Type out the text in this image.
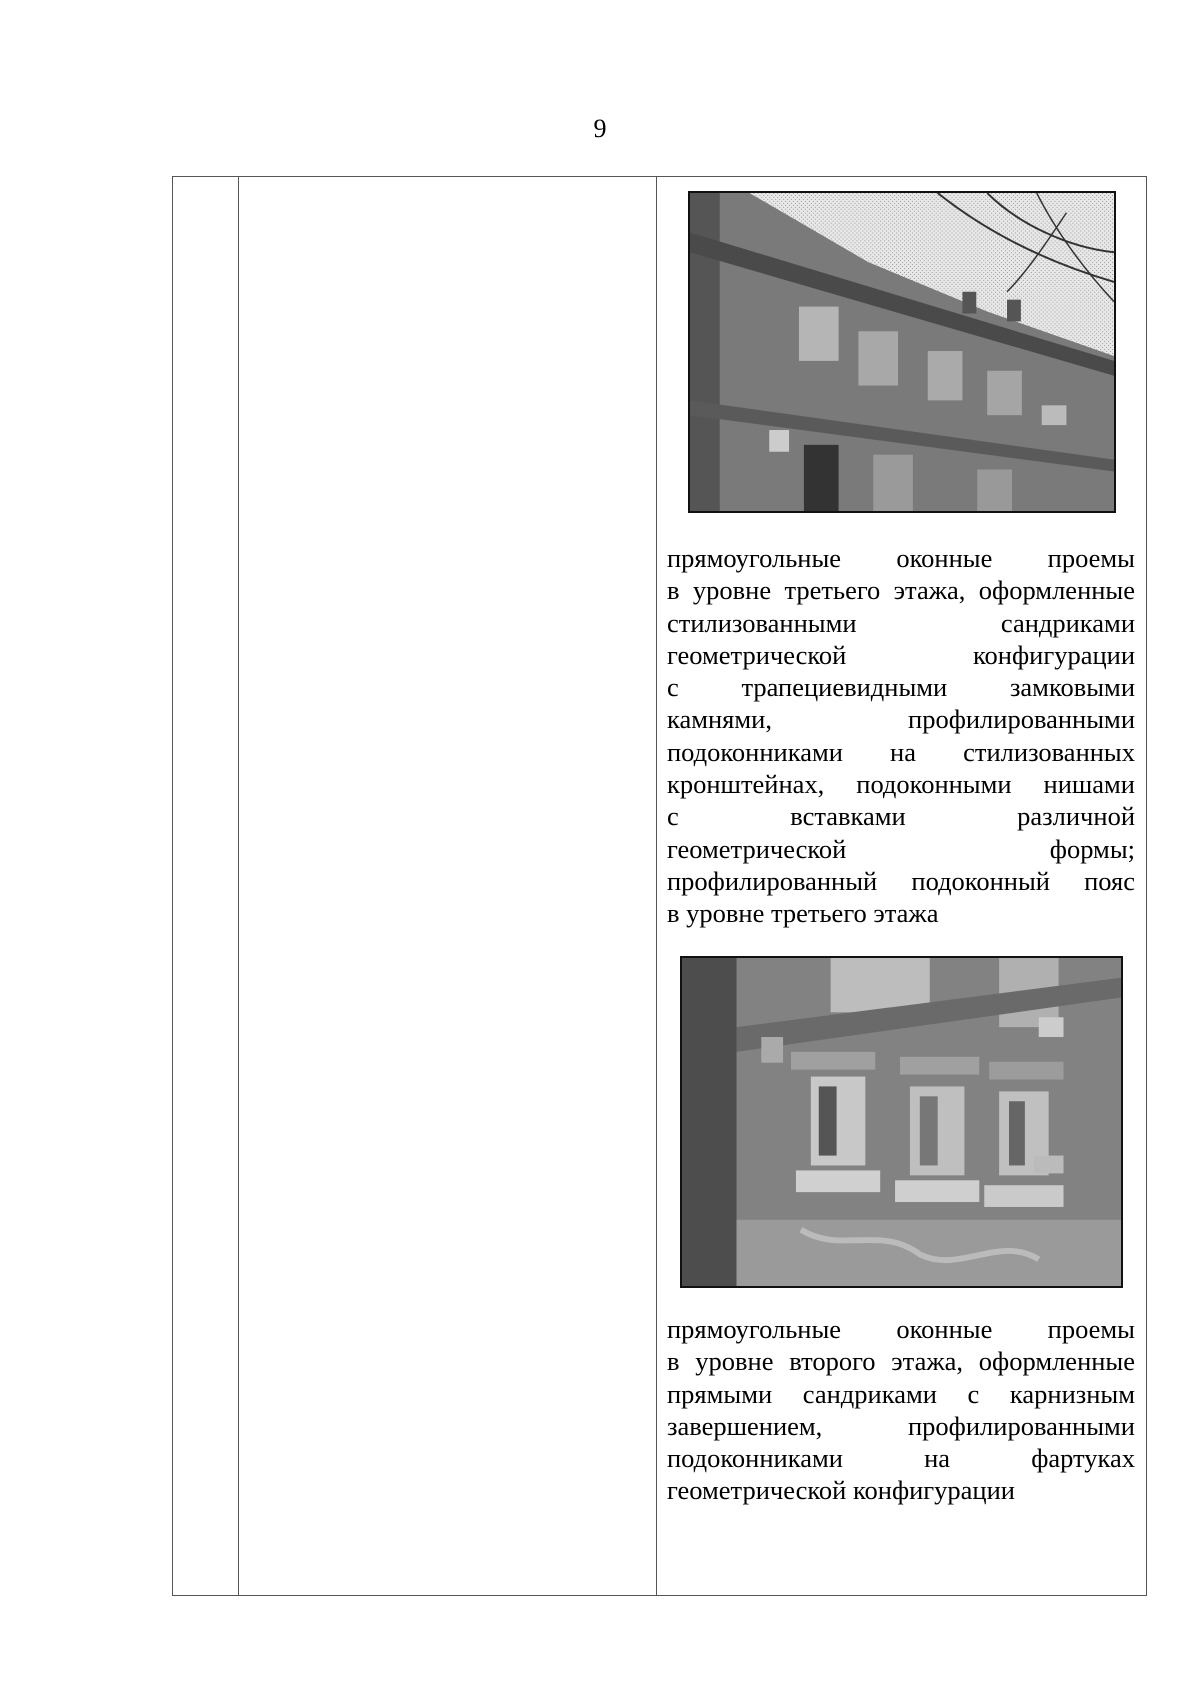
9

прямоугольные оконные проемы
в уровне третьего этажа, оформленные
стилизованными сандриками
геометрической конфигурации
с трапециевидными замковыми
камнями, профилированными
подоконниками на стилизованных
кронштейнах, подоконными нишами
с вставками различной
геометрической формы;
профилированный подоконный пояс
в уровне третьего этажа

прямоугольные оконные проемы
в уровне второго этажа, оформленные
прямыми сандриками с карнизным
завершением, профилированными
подоконниками на фартуках
геометрической конфигурации
